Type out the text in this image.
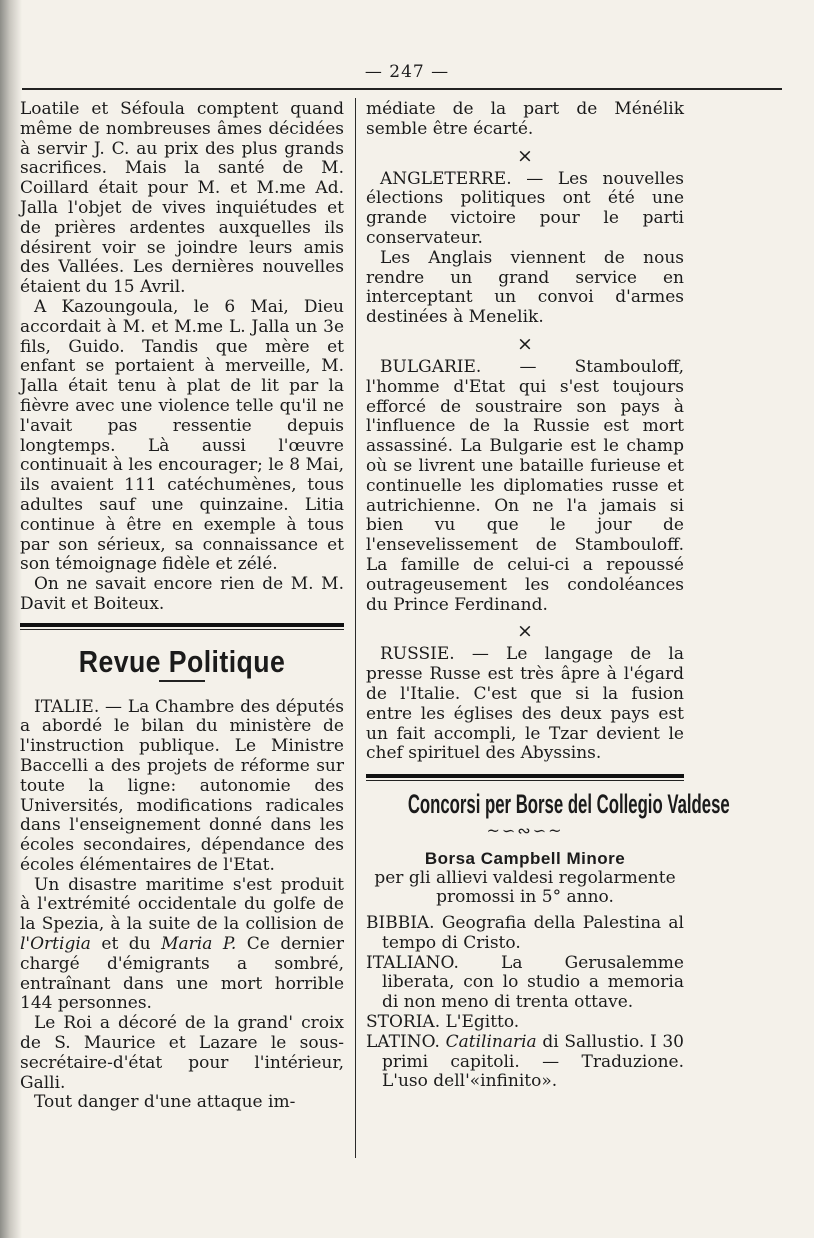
— 247 —

Loatile et Séfoula comptent quand même de nombreuses âmes décidées à servir J. C. au prix des plus grands sacrifices. Mais la santé de M. Coillard était pour M. et M.me Ad. Jalla l'objet de vives inquiétudes et de prières ardentes auxquelles ils désirent voir se joindre leurs amis des Vallées. Les dernières nouvelles étaient du 15 Avril.

A Kazoungoula, le 6 Mai, Dieu accordait à M. et M.me L. Jalla un 3e fils, Guido. Tandis que mère et enfant se portaient à merveille, M. Jalla était tenu à plat de lit par la fièvre avec une violence telle qu'il ne l'avait pas ressentie depuis longtemps. Là aussi l'œuvre continuait à les encourager; le 8 Mai, ils avaient 111 catéchumènes, tous adultes sauf une quinzaine. Litia continue à être en exemple à tous par son sérieux, sa connaissance et son témoignage fidèle et zélé.

On ne savait encore rien de M. M. Davit et Boiteux.

Revue Politique

ITALIE. — La Chambre des députés a abordé le bilan du ministère de l'instruction publique. Le Ministre Baccelli a des projets de réforme sur toute la ligne: autonomie des Universités, modifications radicales dans l'enseignement donné dans les écoles secondaires, dépendance des écoles élémentaires de l'Etat.

Un disastre maritime s'est produit à l'extrémité occidentale du golfe de la Spezia, à la suite de la collision de l'Ortigia et du Maria P. Ce dernier chargé d'émigrants a sombré, entraînant dans une mort horrible 144 personnes.

Le Roi a décoré de la grand' croix de S. Maurice et Lazare le sous-secrétaire-d'état pour l'intérieur, Galli.

Tout danger d'une attaque im-

médiate de la part de Ménélik semble être écarté.

×

ANGLETERRE. — Les nouvelles élections politiques ont été une grande victoire pour le parti conservateur.

Les Anglais viennent de nous rendre un grand service en interceptant un convoi d'armes destinées à Menelik.

×

BULGARIE. — Stambouloff, l'homme d'Etat qui s'est toujours efforcé de soustraire son pays à l'influence de la Russie est mort assassiné. La Bulgarie est le champ où se livrent une bataille furieuse et continuelle les diplomaties russe et autrichienne. On ne l'a jamais si bien vu que le jour de l'ensevelissement de Stambouloff. La famille de celui-ci a repoussé outrageusement les condoléances du Prince Ferdinand.

×

RUSSIE. — Le langage de la presse Russe est très âpre à l'égard de l'Italie. C'est que si la fusion entre les églises des deux pays est un fait accompli, le Tzar devient le chef spirituel des Abyssins.

Concorsi per Borse del Collegio Valdese
~∽∾∽~

Borsa Campbell Minore

per gli allievi valdesi regolarmente promossi in 5° anno.

BIBBIA. Geografia della Palestina al tempo di Cristo.

ITALIANO. La Gerusalemme liberata, con lo studio a memoria di non meno di trenta ottave.

STORIA. L'Egitto.

LATINO. Catilinaria di Sallustio. I 30 primi capitoli. — Traduzione. L'uso dell'«infinito».
